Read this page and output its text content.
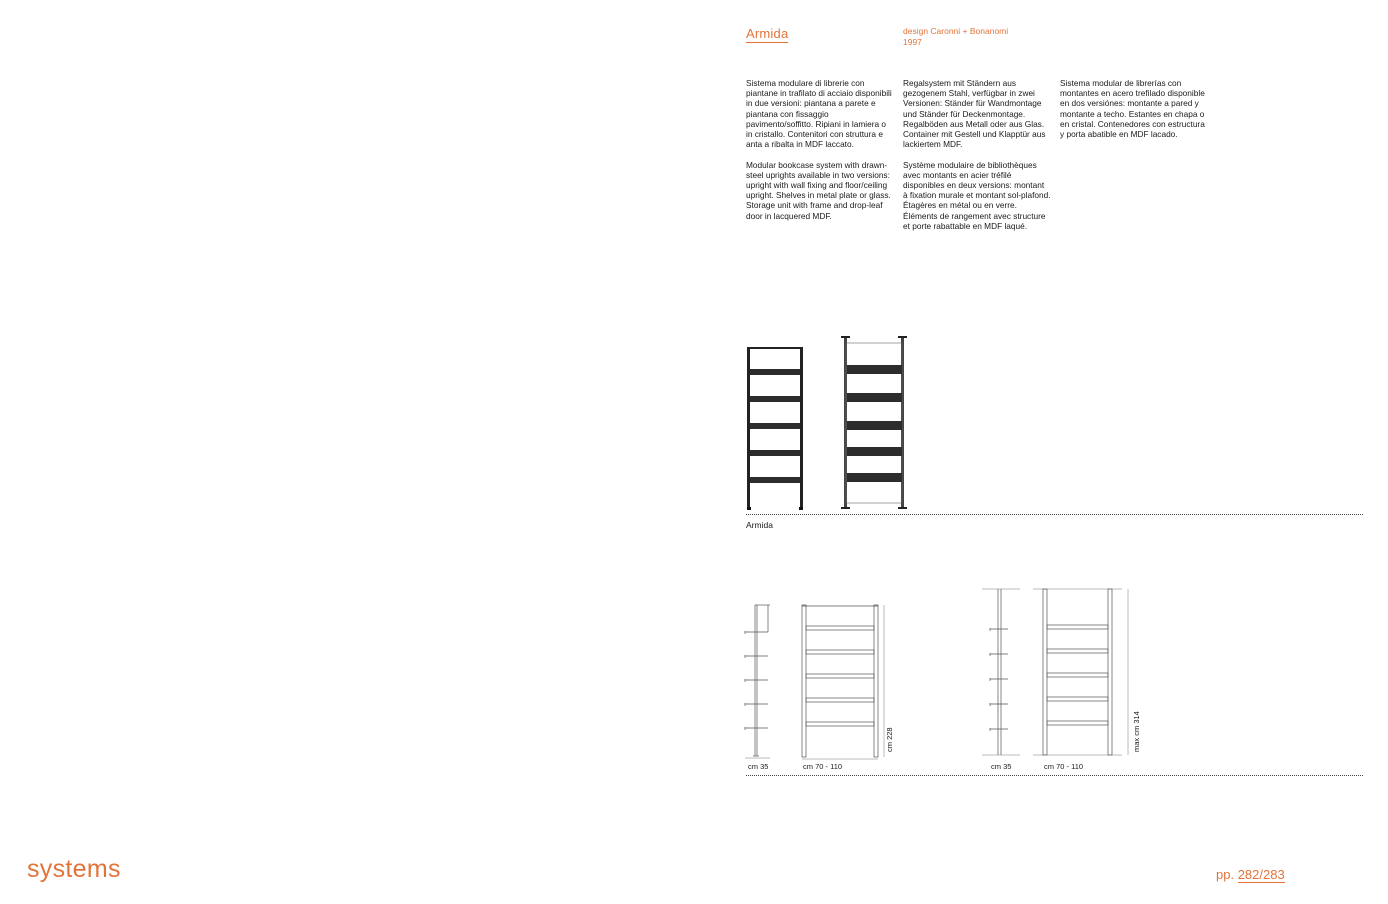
Armida	design Caronni + Bonanomi
1997

Sistema modulare di librerie con piantane in trafilato di acciaio disponibili in due versioni: piantana a parete e piantana con fissaggio pavimento/soffitto. Ripiani in lamiera o in cristallo. Contenitori con struttura e anta a ribalta in MDF laccato.

Modular bookcase system with drawn-steel uprights available in two versions: upright with wall fixing and floor/ceiling upright. Shelves in metal plate or glass. Storage unit with frame and drop-leaf door in lacquered MDF.

Regalsystem mit Ständern aus gezogenem Stahl, verfügbar in zwei Versionen: Ständer für Wandmontage und Ständer für Deckenmontage. Regalböden aus Metall oder aus Glas. Container mit Gestell und Klapptür aus lackiertem MDF.

Système modulaire de bibliothèques avec montants en acier tréfilé disponibles en deux versions: montant à fixation murale et montant sol-plafond. Étagères en métal ou en verre. Éléments de rangement avec structure et porte rabattable en MDF laqué.

Sistema modular de librerías con montantes en acero trefilado disponible en dos versiónes: montante a pared y montante a techo. Estantes en chapa o en cristal. Contenedores con estructura y porta abatible en MDF lacado.

Armida
cm 35	cm 70 - 110
cm 228
cm 35	cm 70 - 110
max cm 314
systems	pp. 282/283
